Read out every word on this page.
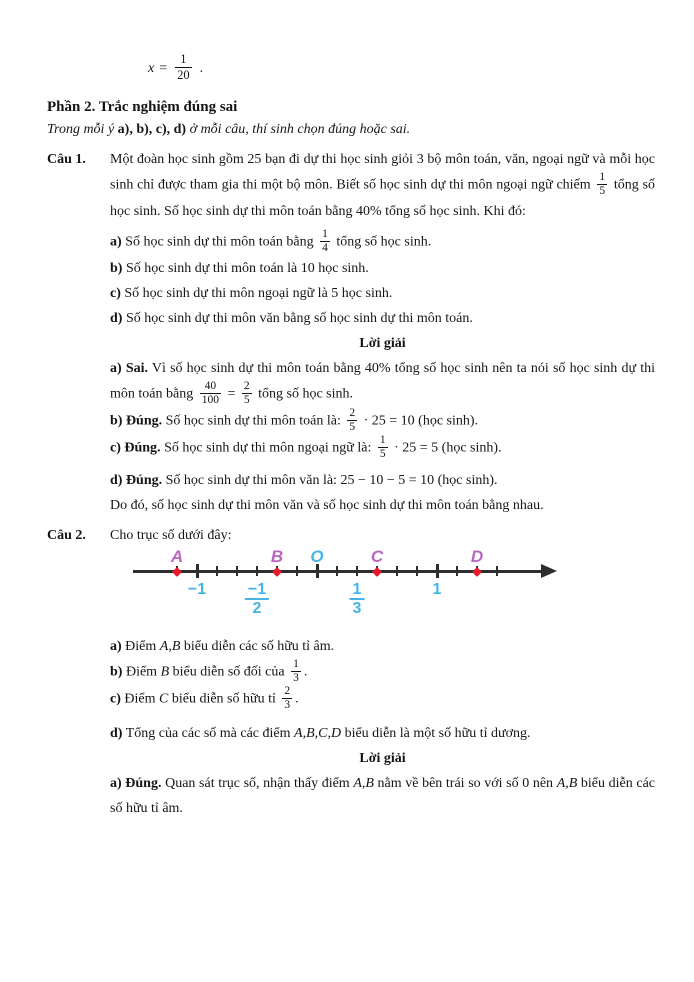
$x = \frac{1}{20}$ .
Phần 2. Trắc nghiệm đúng sai
Trong mỗi ý a), b), c), d) ở mỗi câu, thí sinh chọn đúng hoặc sai.
Câu 1.	Một đoàn học sinh gồm 25 bạn đi dự thi học sinh giỏi 3 bộ môn toán, văn, ngoại ngữ và mỗi học sinh chỉ được tham gia thi một bộ môn. Biết số học sinh dự thi môn ngoại ngữ chiếm $\frac{1}{5}$ tổng số học sinh. Số học sinh dự thi môn toán bằng 40% tổng số học sinh. Khi đó:
a) Số học sinh dự thi môn toán bằng $\frac{1}{4}$ tổng số học sinh.
b) Số học sinh dự thi môn toán là 10 học sinh.
c) Số học sinh dự thi môn ngoại ngữ là 5 học sinh.
d) Số học sinh dự thi môn văn bằng số học sinh dự thi môn toán.
Lời giải
a) Sai. Vì số học sinh dự thi môn toán bằng 40% tổng số học sinh nên ta nói số học sinh dự thi môn toán bằng $\frac{40}{100} = \frac{2}{5}$ tổng số học sinh.
b) Đúng. Số học sinh dự thi môn toán là: $\frac{2}{5} \cdot 25 = 10$ (học sinh).
c) Đúng. Số học sinh dự thi môn ngoại ngữ là: $\frac{1}{5} \cdot 25 = 5$ (học sinh).
d) Đúng. Số học sinh dự thi môn văn là: 25 − 10 − 5 = 10 (học sinh).
Do đó, số học sinh dự thi môn văn và số học sinh dự thi môn toán bằng nhau.
Câu 2.	Cho trục số dưới đây:
O
A	B	C	D
$-1 \frac{-1}{2}$	$\frac{1}{3}$	1
a) Điểm A,B biểu diễn các số hữu tỉ âm.
b) Điểm B biểu diễn số đối của $\frac{1}{3}$ .
c) Điểm C biểu diễn số hữu tỉ $\frac{2}{3}$ .
d) Tổng của các số mà các điểm A,B,C,D biểu diễn là một số hữu tỉ dương.
Lời giải
a) Đúng. Quan sát trục số, nhận thấy điểm A,B nằm về bên trái so với số 0 nên A,B biểu diễn các số hữu tỉ âm.
